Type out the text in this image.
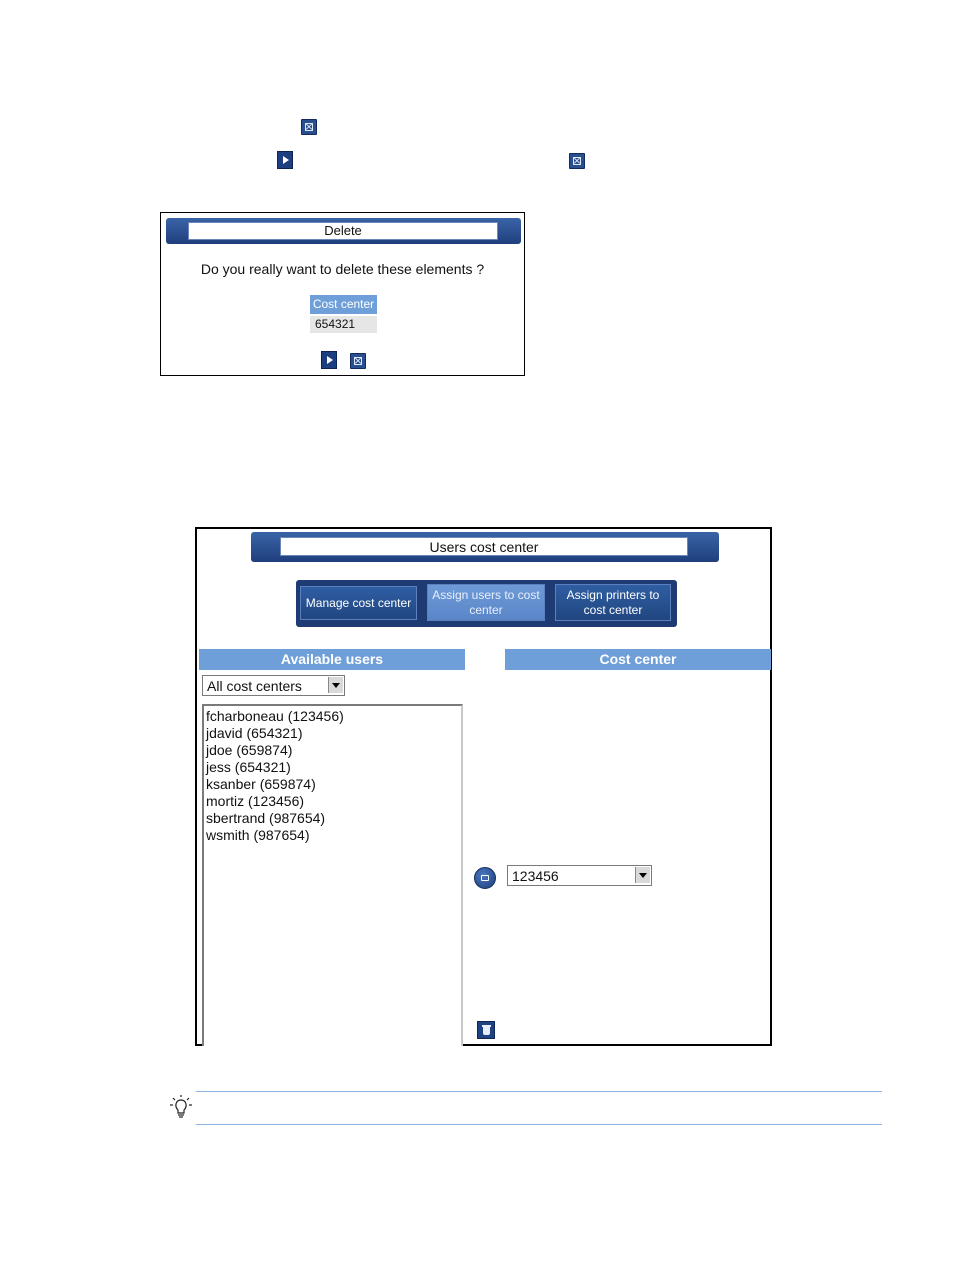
×
×
Delete
Do you really want to delete these elements ?
Cost center
654321
×
Users cost center
Manage cost center
Assign users to cost center
Assign printers to cost center
Available users	Cost center
All cost centers
fcharboneau (123456)
jdavid (654321)
jdoe (659874)
jess (654321)
ksanber (659874)
mortiz (123456)
sbertrand (987654)
wsmith (987654)
123456
